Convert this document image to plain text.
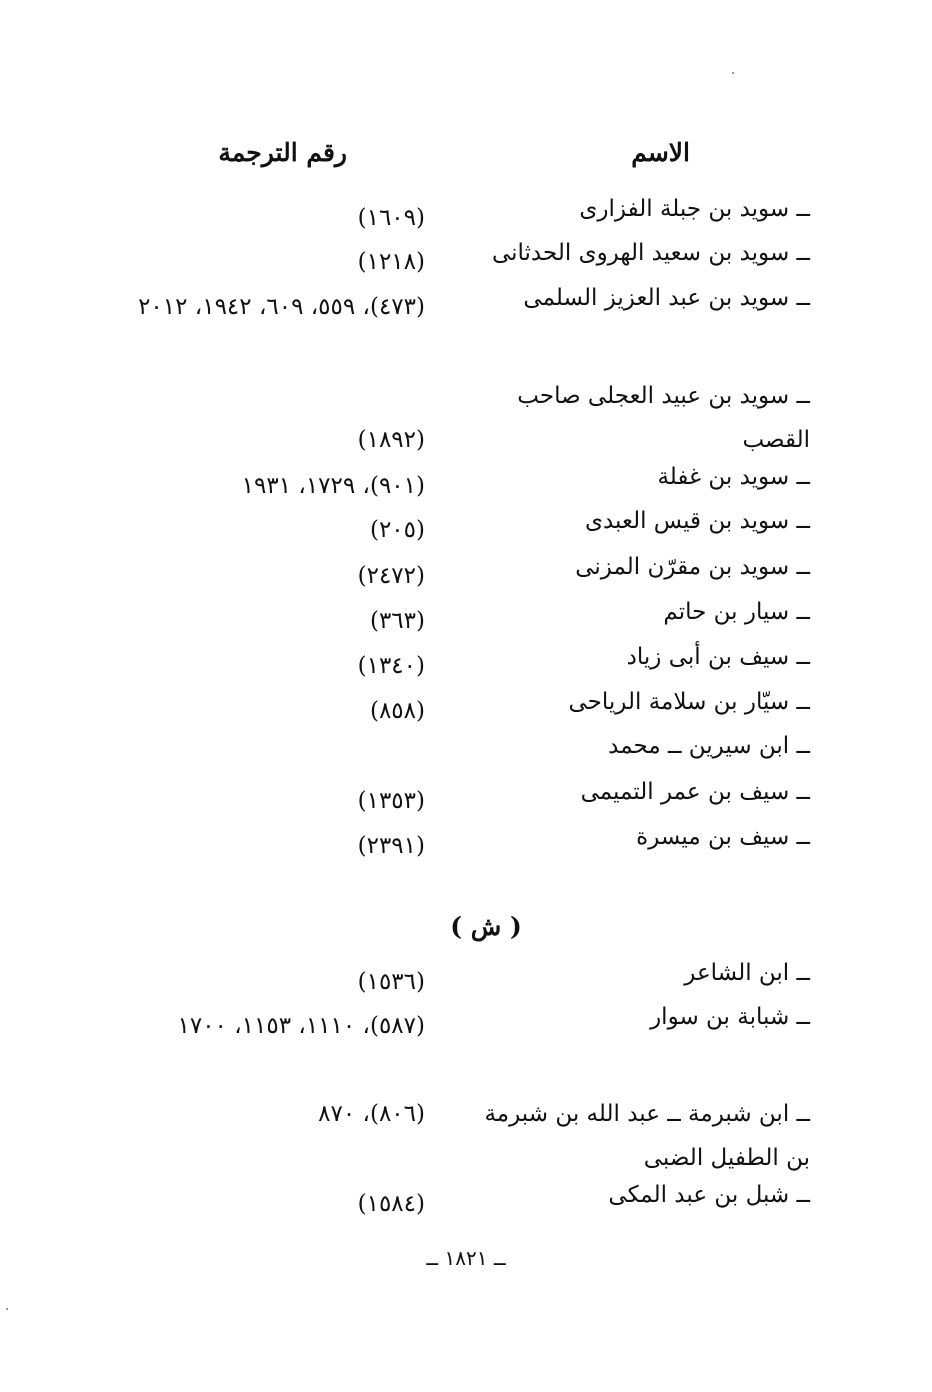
الاسم
رقم الترجمة
ــ سويد بن جبلة الفزارى
(١٦٠٩)
ــ سويد بن سعيد الهروى الحدثانى
(١٢١٨)
ــ سويد بن عبد العزيز السلمى
(٤٧٣)، ٥٥٩، ٦٠٩، ١٩٤٢، ٢٠١٢
ــ سويد بن عبيد العجلى صاحب القصب
(١٨٩٢)
ــ سويد بن غفلة
(٩٠١)، ١٧٢٩، ١٩٣١
ــ سويد بن قيس العبدى
(٢٠٥)
ــ سويد بن مقرّن المزنى
(٢٤٧٢)
ــ سيار بن حاتم
(٣٦٣)
ــ سيف بن أبى زياد
(١٣٤٠)
ــ سيّار بن سلامة الرياحى
(٨٥٨)
ــ ابن سيرين ــ محمد
ــ سيف بن عمر التميمى
(١٣٥٣)
ــ سيف بن ميسرة
(٢٣٩١)
( ش )
ــ ابن الشاعر
(١٥٣٦)
ــ شبابة بن سوار
(٥٨٧)، ١١١٠، ١١٥٣، ١٧٠٠
ــ ابن شبرمة ــ عبد الله بن شبرمة بن الطفيل الضبى
(٨٠٦)، ٨٧٠
ــ شبل بن عبد المكى
(١٥٨٤)
ــ ١٨٢١ ــ
